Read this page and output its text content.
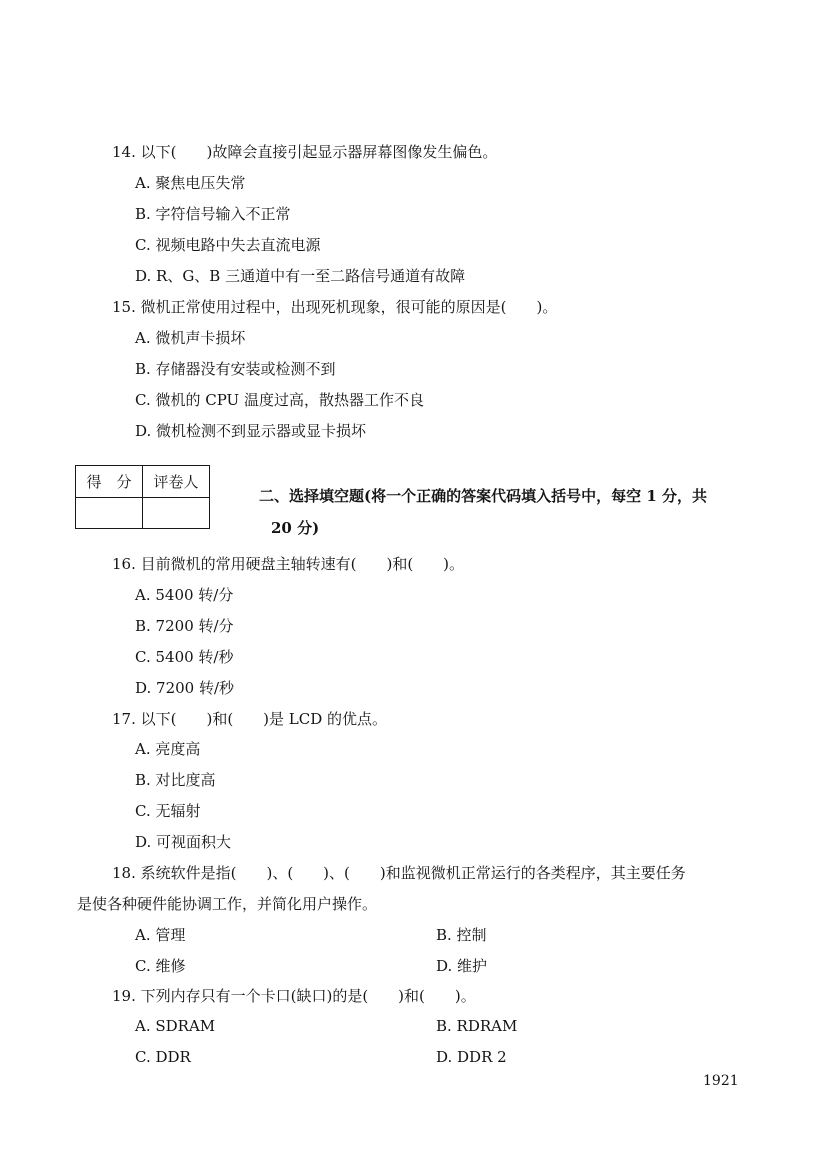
14. 以下(　　)故障会直接引起显示器屏幕图像发生偏色。
A. 聚焦电压失常
B. 字符信号输入不正常
C. 视频电路中失去直流电源
D. R、G、B 三通道中有一至二路信号通道有故障
15. 微机正常使用过程中，出现死机现象，很可能的原因是(　　)。
A. 微机声卡损坏
B. 存储器没有安装或检测不到
C. 微机的 CPU 温度过高，散热器工作不良
D. 微机检测不到显示器或显卡损坏
得　分	评卷人

二、选择填空题(将一个正确的答案代码填入括号中，每空 1 分，共
20 分)
16. 目前微机的常用硬盘主轴转速有(　　)和(　　)。
A. 5400 转/分
B. 7200 转/分
C. 5400 转/秒
D. 7200 转/秒
17. 以下(　　)和(　　)是 LCD 的优点。
A. 亮度高
B. 对比度高
C. 无辐射
D. 可视面积大
18. 系统软件是指(　　)、(　　)、(　　)和监视微机正常运行的各类程序，其主要任务
是使各种硬件能协调工作，并简化用户操作。
A. 管理	B. 控制
C. 维修	D. 维护
19. 下列内存只有一个卡口(缺口)的是(　　)和(　　)。
A. SDRAM	B. RDRAM
C. DDR	D. DDR 2
1921
